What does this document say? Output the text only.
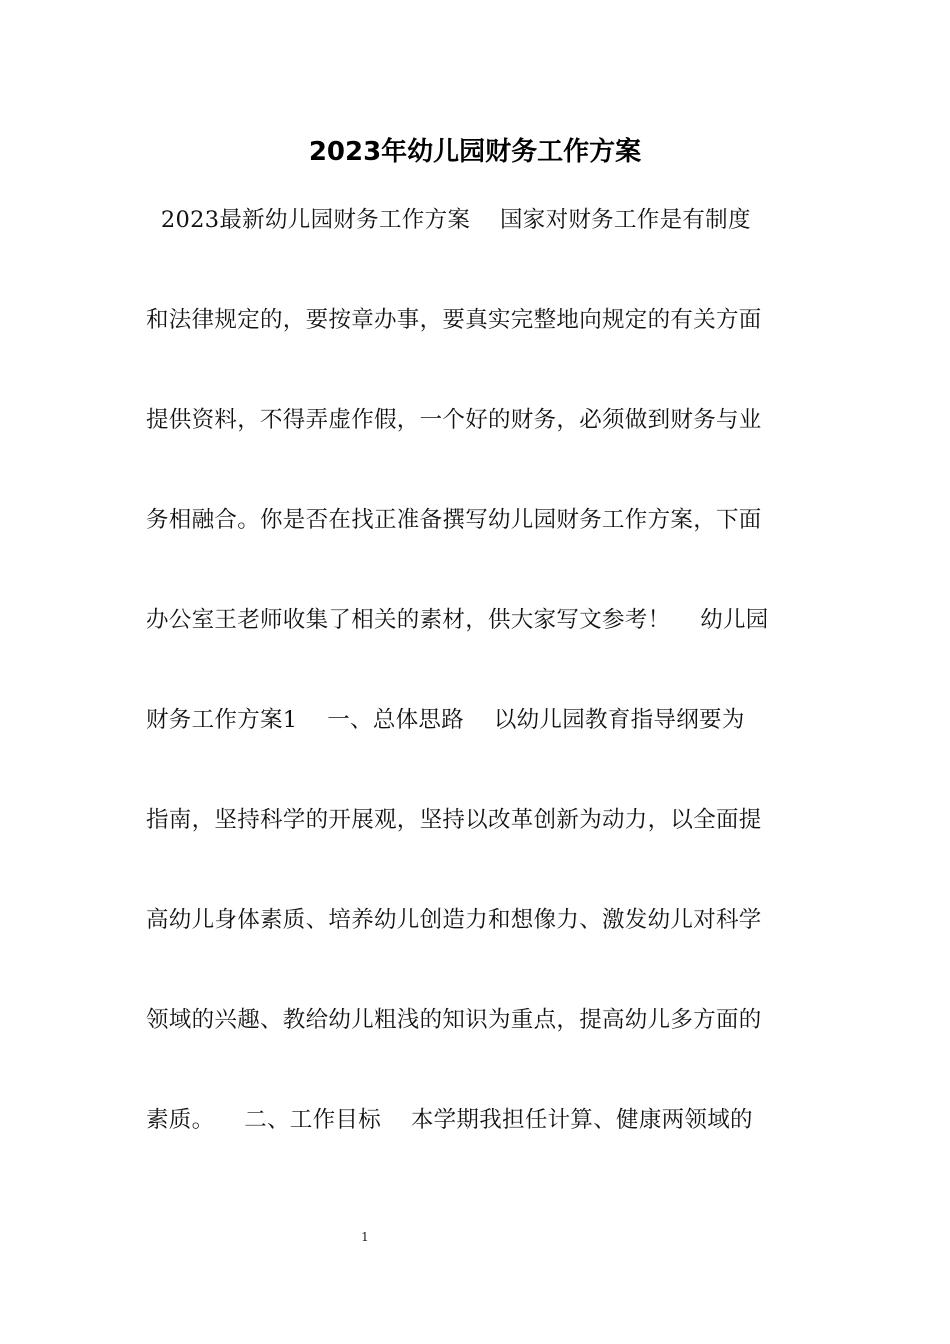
2023年幼儿园财务工作方案
2023最新幼儿园财务工作方案    国家对财务工作是有制度
和法律规定的，要按章办事，要真实完整地向规定的有关方面
提供资料，不得弄虚作假，一个好的财务，必须做到财务与业
务相融合。你是否在找正准备撰写幼儿园财务工作方案，下面
办公室王老师收集了相关的素材，供大家写文参考！    幼儿园
财务工作方案1    一、总体思路    以幼儿园教育指导纲要为
指南，坚持科学的开展观，坚持以改革创新为动力，以全面提
高幼儿身体素质、培养幼儿创造力和想像力、激发幼儿对科学
领域的兴趣、教给幼儿粗浅的知识为重点，提高幼儿多方面的
素质。    二、工作目标    本学期我担任计算、健康两领域的
1
